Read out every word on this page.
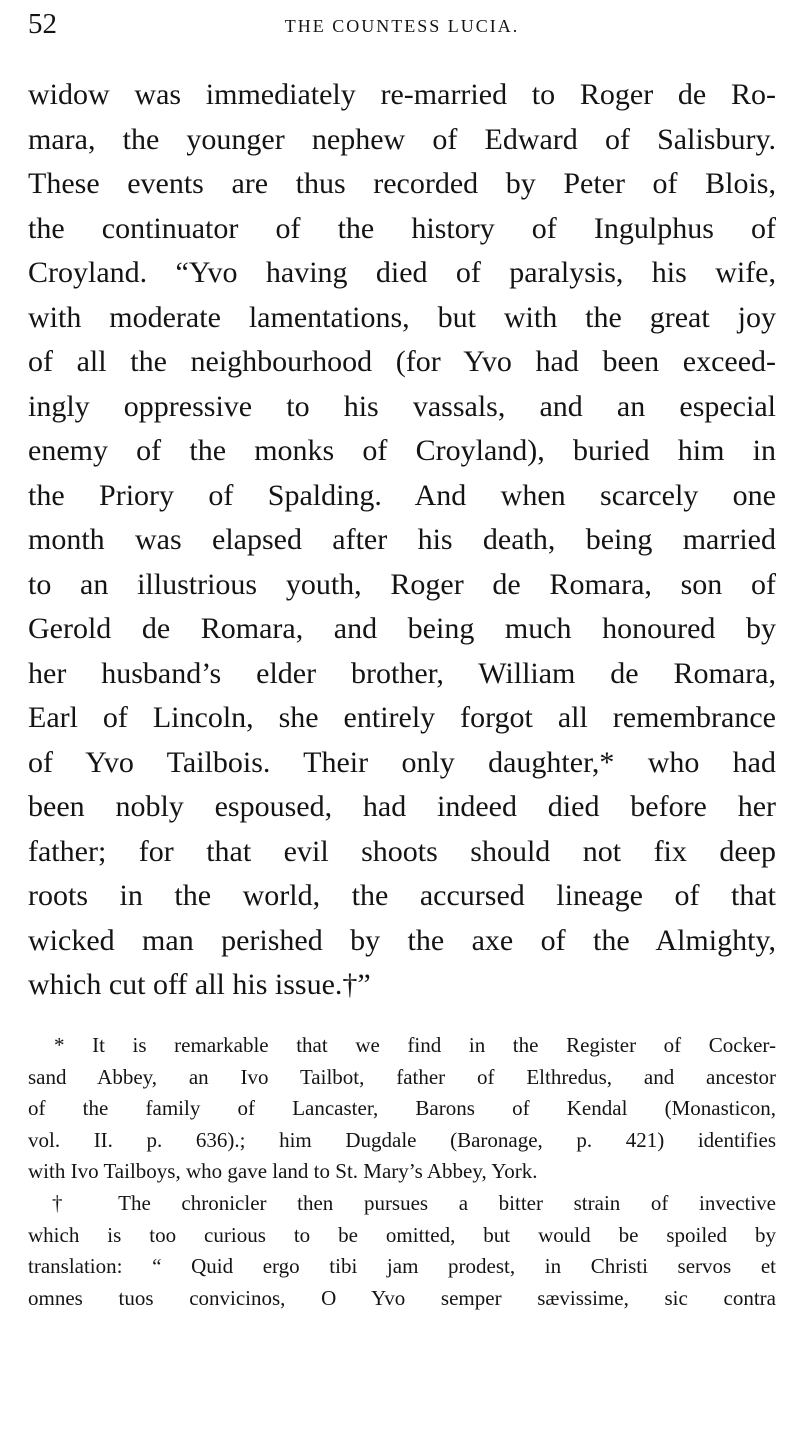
52	THE COUNTESS LUCIA.
widow was immediately re-married to Roger de Ro-
mara, the younger nephew of Edward of Salisbury.
These events are thus recorded by Peter of Blois,
the continuator of the history of Ingulphus of
Croyland. “Yvo having died of paralysis, his wife,
with moderate lamentations, but with the great joy
of all the neighbourhood (for Yvo had been exceed-
ingly oppressive to his vassals, and an especial
enemy of the monks of Croyland), buried him in
the Priory of Spalding. And when scarcely one
month was elapsed after his death, being married
to an illustrious youth, Roger de Romara, son of
Gerold de Romara, and being much honoured by
her husband’s elder brother, William de Romara,
Earl of Lincoln, she entirely forgot all remembrance
of Yvo Tailbois. Their only daughter,* who had
been nobly espoused, had indeed died before her
father; for that evil shoots should not fix deep
roots in the world, the accursed lineage of that
wicked man perished by the axe of the Almighty,
which cut off all his issue.†”
* It is remarkable that we find in the Register of Cocker-
sand Abbey, an Ivo Tailbot, father of Elthredus, and ancestor
of the family of Lancaster, Barons of Kendal (Monasticon,
vol. II. p. 636).; him Dugdale (Baronage, p. 421) identifies
with Ivo Tailboys, who gave land to St. Mary’s Abbey, York.
† The chronicler then pursues a bitter strain of invective
which is too curious to be omitted, but would be spoiled by
translation: “ Quid ergo tibi jam prodest, in Christi servos et
omnes tuos convicinos, O Yvo semper sævissime, sic contra
